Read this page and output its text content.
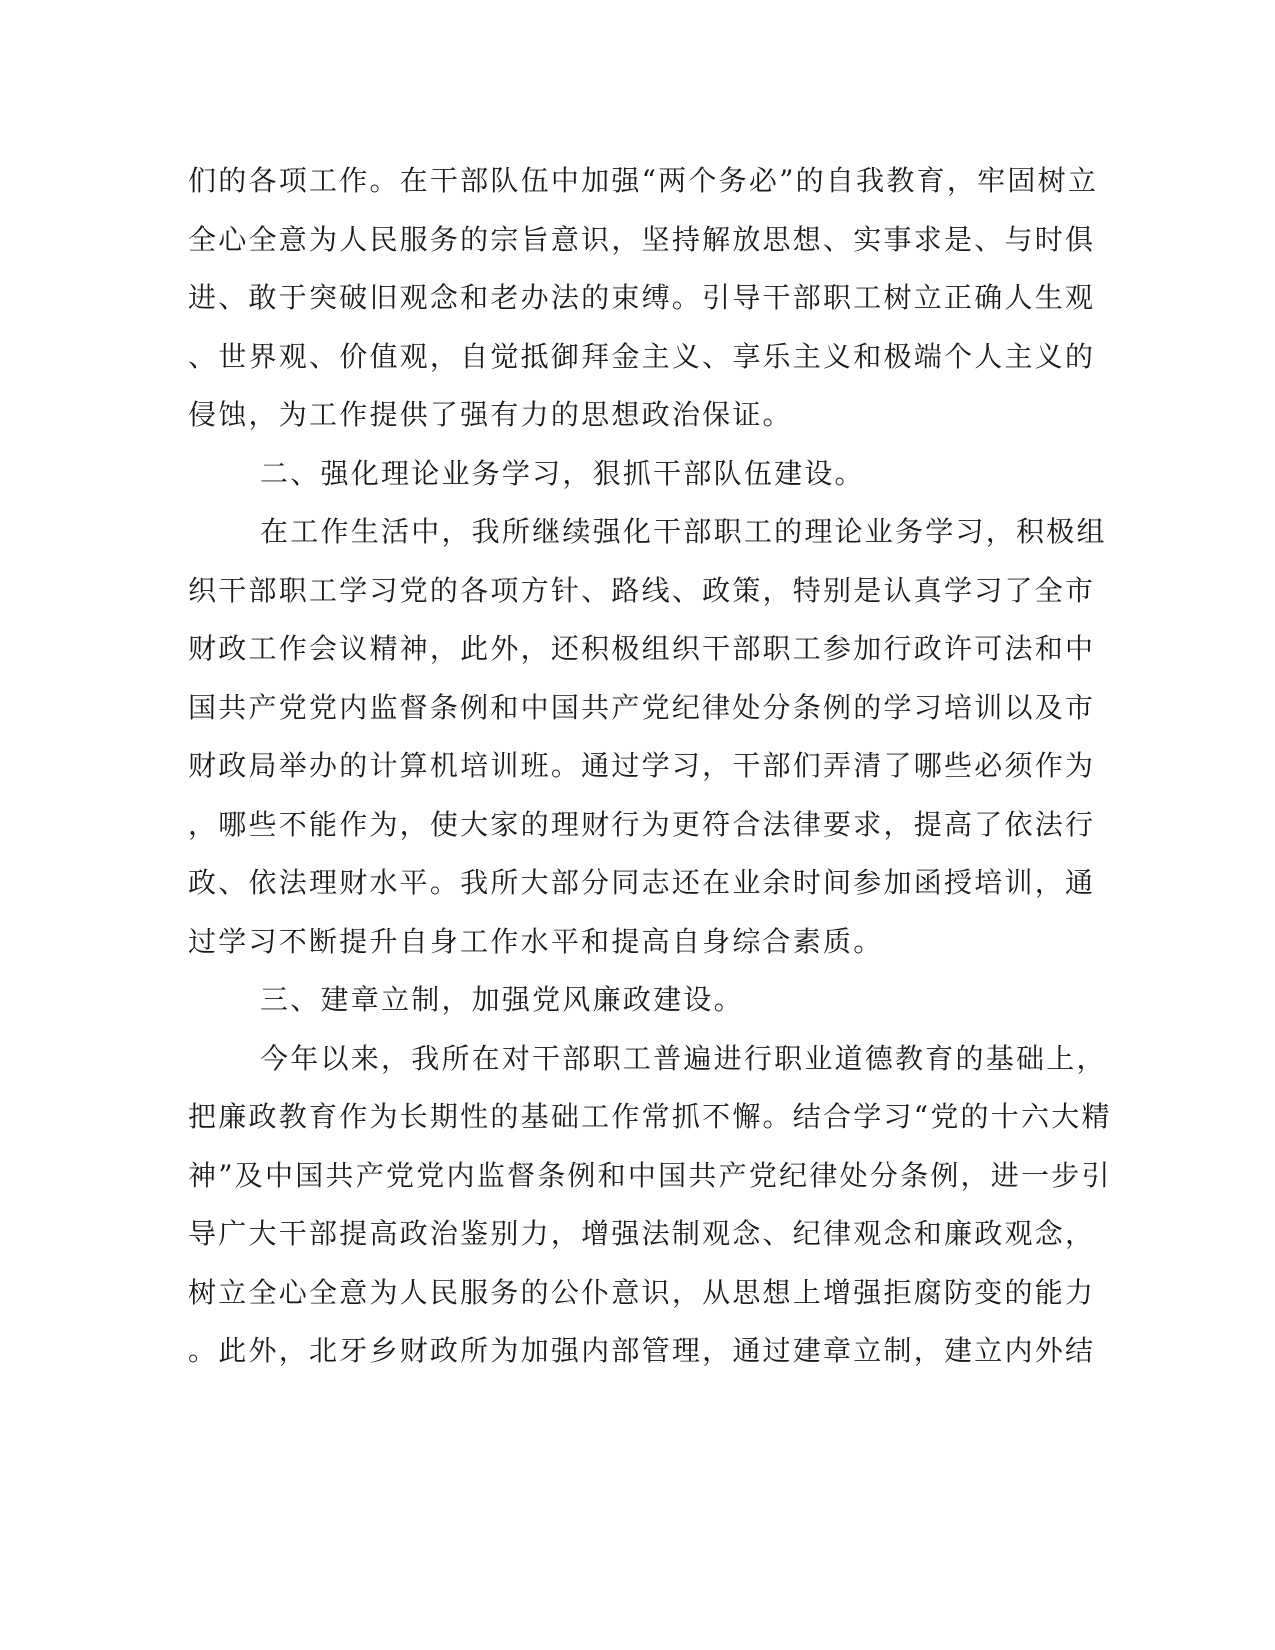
们的各项工作。在干部队伍中加强“两个务必”的自我教育，牢固树立
全心全意为人民服务的宗旨意识，坚持解放思想、实事求是、与时俱
进、敢于突破旧观念和老办法的束缚。引导干部职工树立正确人生观
、世界观、价值观，自觉抵御拜金主义、享乐主义和极端个人主义的
侵蚀，为工作提供了强有力的思想政治保证。
二、强化理论业务学习，狠抓干部队伍建设。
在工作生活中，我所继续强化干部职工的理论业务学习，积极组
织干部职工学习党的各项方针、路线、政策，特别是认真学习了全市
财政工作会议精神，此外，还积极组织干部职工参加行政许可法和中
国共产党党内监督条例和中国共产党纪律处分条例的学习培训以及市
财政局举办的计算机培训班。通过学习，干部们弄清了哪些必须作为
，哪些不能作为，使大家的理财行为更符合法律要求，提高了依法行
政、依法理财水平。我所大部分同志还在业余时间参加函授培训，通
过学习不断提升自身工作水平和提高自身综合素质。
三、建章立制，加强党风廉政建设。
今年以来，我所在对干部职工普遍进行职业道德教育的基础上，
把廉政教育作为长期性的基础工作常抓不懈。结合学习“党的十六大精
神”及中国共产党党内监督条例和中国共产党纪律处分条例，进一步引
导广大干部提高政治鉴别力，增强法制观念、纪律观念和廉政观念，
树立全心全意为人民服务的公仆意识，从思想上增强拒腐防变的能力
。此外，北牙乡财政所为加强内部管理，通过建章立制，建立内外结
